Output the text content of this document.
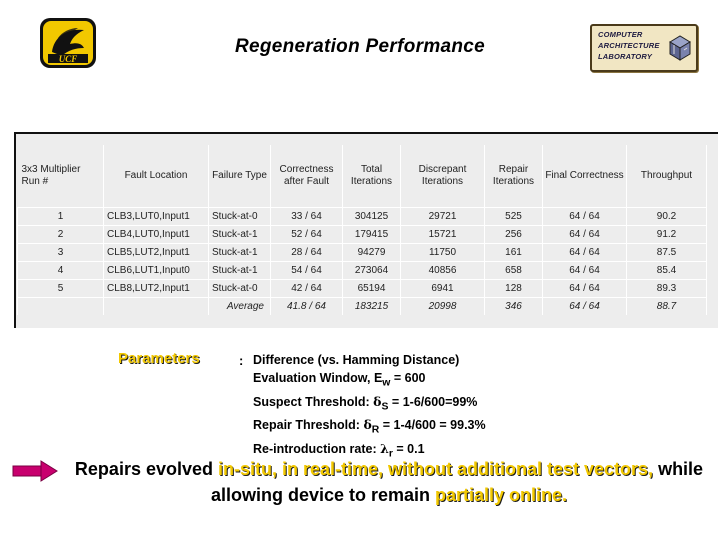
UCF
Regeneration Performance
COMPUTER ARCHITECTURE LABORATORY
3x3 Multiplier Run #	Fault Location	Failure Type	Correctness after Fault	Total Iterations	Discrepant Iterations	Repair Iterations	Final Correctness	Throughput
1	CLB3,LUT0,Input1	Stuck-at-0	33 / 64	304125	29721	525	64 / 64	90.2
2	CLB4,LUT0,Input1	Stuck-at-1	52 / 64	179415	15721	256	64 / 64	91.2
3	CLB5,LUT2,Input1	Stuck-at-1	28 / 64	94279	11750	161	64 / 64	87.5
4	CLB6,LUT1,Input0	Stuck-at-1	54 / 64	273064	40856	658	64 / 64	85.4
5	CLB8,LUT2,Input1	Stuck-at-0	42 / 64	65194	6941	128	64 / 64	89.3
		Average	41.8 / 64	183215	20998	346	64 / 64	88.7
Parameters	: Difference (vs. Hamming Distance)
Evaluation Window, $E_w = 600$
Suspect Threshold: $\delta_S = 1-6/600=99\%$
Repair Threshold: $\delta_R = 1-4/600 = 99.3\%$
Re-introduction rate: $\lambda_r = 0.1$
Repairs evolved in-situ, in real-time, without additional test vectors, while allowing device to remain partially online.
